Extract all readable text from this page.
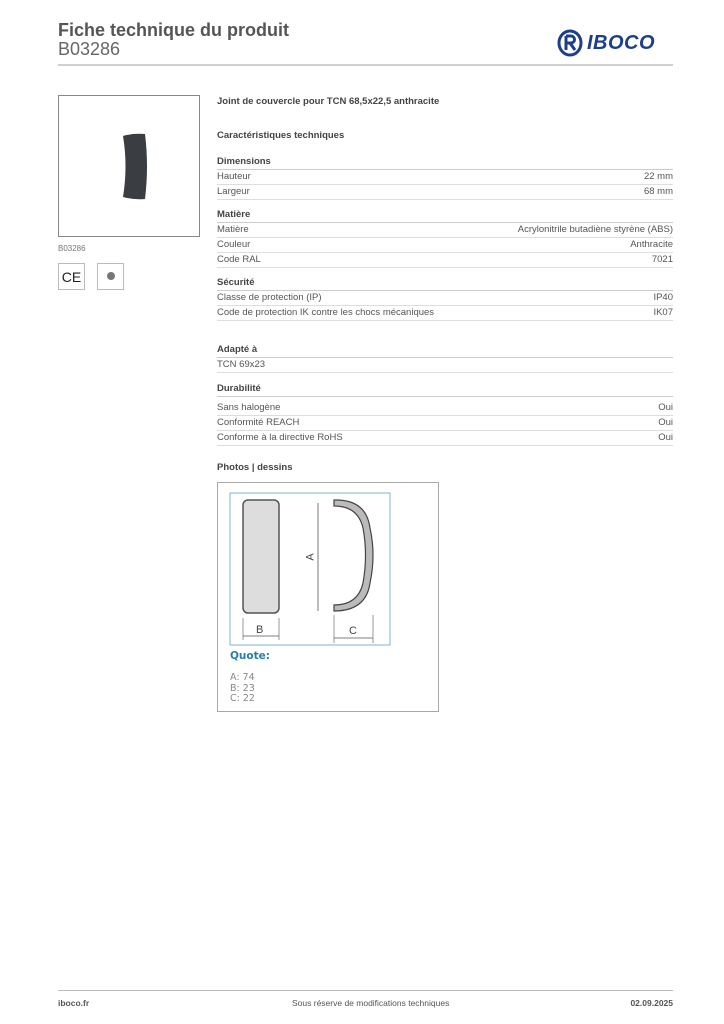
Fiche technique du produit
B03286	IBOCO
B03286
CE
Joint de couvercle pour TCN 68,5x22,5 anthracite
Caractéristiques techniques
Dimensions
Hauteur	22 mm
Largeur	68 mm
Matière
Matière	Acrylonitrile butadiène styrène (ABS)
Couleur	Anthracite
Code RAL	7021
Sécurité
Classe de protection (IP)	IP40
Code de protection IK contre les chocs mécaniques	IK07
Adapté à
TCN 69x23
Durabilité
Sans halogène	Oui
Conformité REACH	Oui
Conforme à la directive RoHS	Oui
Photos | dessins
A
B	C
Quote:
A: 74
B: 23
C: 22
iboco.fr	Sous réserve de modifications techniques	02.09.2025
